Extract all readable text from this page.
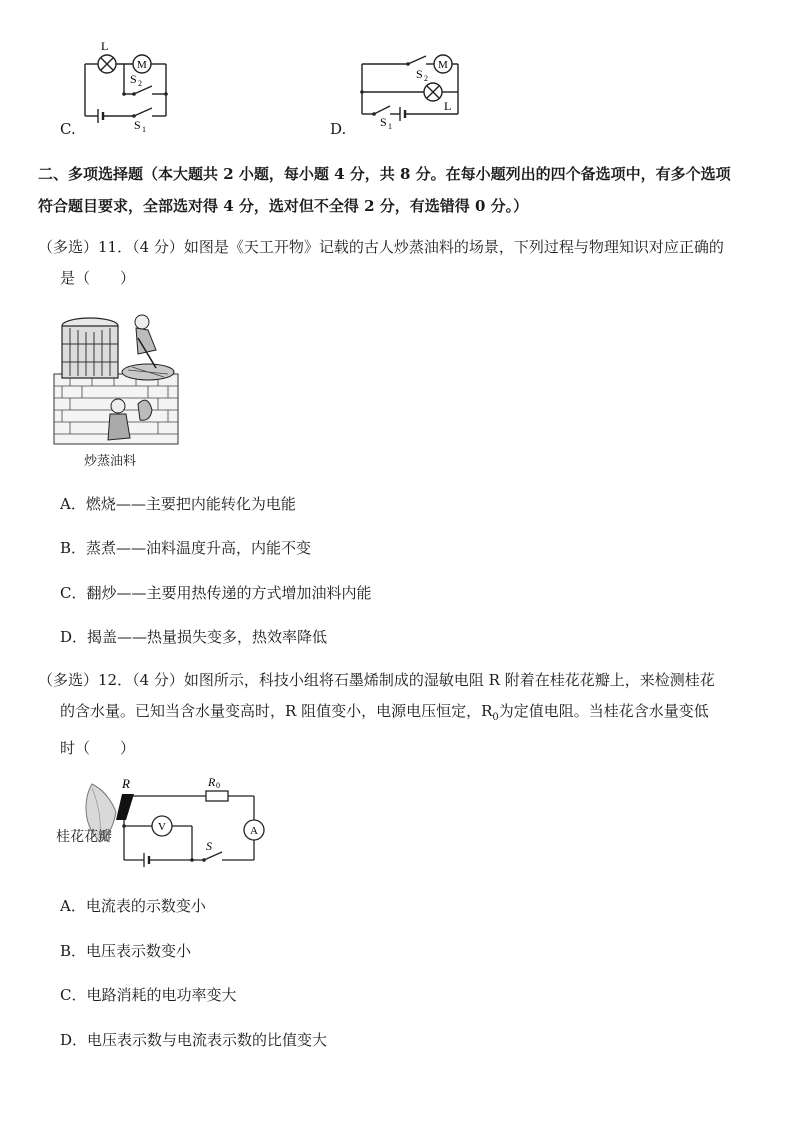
L
M
S 2
S 1
C.
M
S 2
L
S 1
D.
二、多项选择题（本大题共 2 小题，每小题 4 分，共 8 分。在每小题列出的四个备选项中，有多个选项
符合题目要求，全部选对得 4 分，选对但不全得 2 分，有选错得 0 分。）
（多选）11．（4 分）如图是《天工开物》记载的古人炒蒸油料的场景，下列过程与物理知识对应正确的
是（　　）
炒蒸油料
A．燃烧——主要把内能转化为电能
B．蒸煮——油料温度升高，内能不变
C．翻炒——主要用热传递的方式增加油料内能
D．揭盖——热量损失变多，热效率降低
（多选）12．（4 分）如图所示，科技小组将石墨烯制成的湿敏电阻 R 附着在桂花花瓣上，来检测桂花
的含水量。已知当含水量变高时，R 阻值变小，电源电压恒定，$R_0$为定值电阻。当桂花含水量变低
时（　　）
R	R 0
V	A
S
桂花花瓣
A．电流表的示数变小
B．电压表示数变小
C．电路消耗的电功率变大
D．电压表示数与电流表示数的比值变大
